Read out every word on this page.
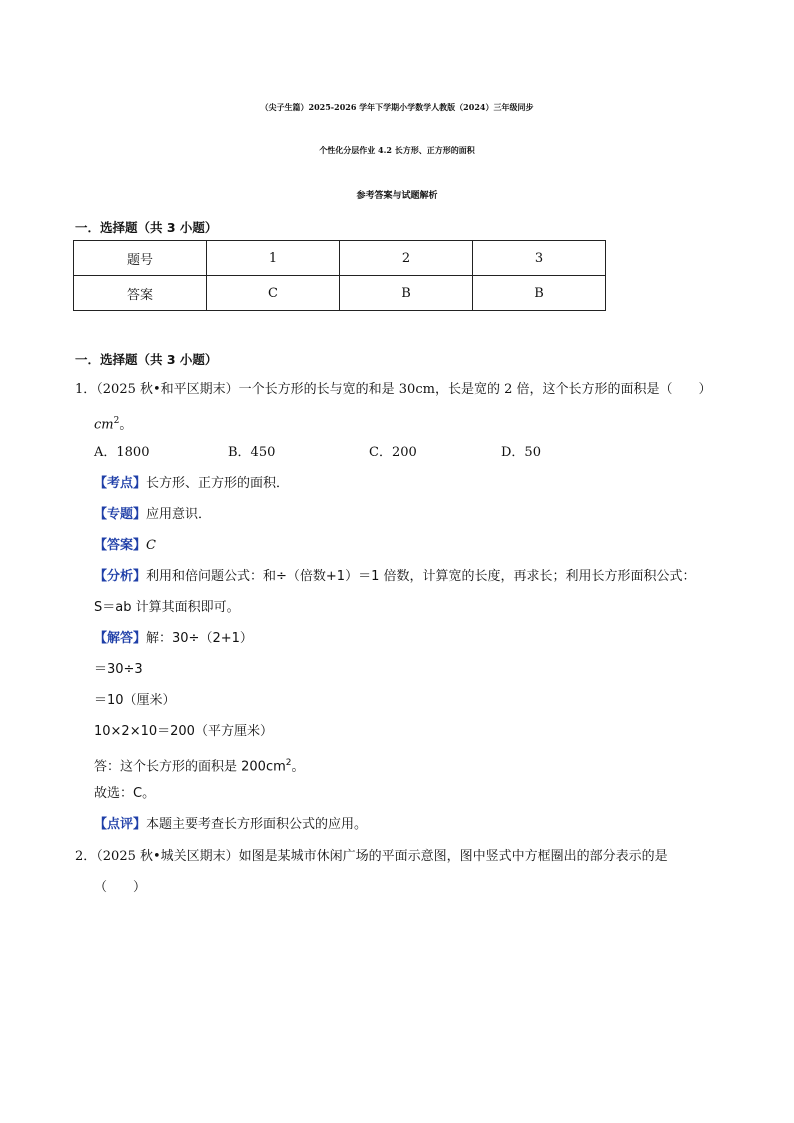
（尖子生篇）2025-2026 学年下学期小学数学人教版（2024）三年级同步
个性化分层作业 4.2 长方形、正方形的面积
参考答案与试题解析
一．选择题（共 3 小题）
题号	1	2	3
答案	C	B	B
一．选择题（共 3 小题）
1．（2025 秋•和平区期末）一个长方形的长与宽的和是 30cm，长是宽的 2 倍，这个长方形的面积是（　　）
$cm^2$。
A．1800	B．450	C．200	D．50
【考点】长方形、正方形的面积．
【专题】应用意识．
【答案】C
【分析】利用和倍问题公式：和÷（倍数+1）＝1 倍数，计算宽的长度，再求长；利用长方形面积公式：
S＝ab 计算其面积即可。
【解答】解：30÷（2+1）
＝30÷3
＝10（厘米）
10×2×10＝200（平方厘米）
答：这个长方形的面积是 $200cm^2$。
故选：C。
【点评】本题主要考查长方形面积公式的应用。
2．（2025 秋•城关区期末）如图是某城市休闲广场的平面示意图，图中竖式中方框圈出的部分表示的是
（　　）
